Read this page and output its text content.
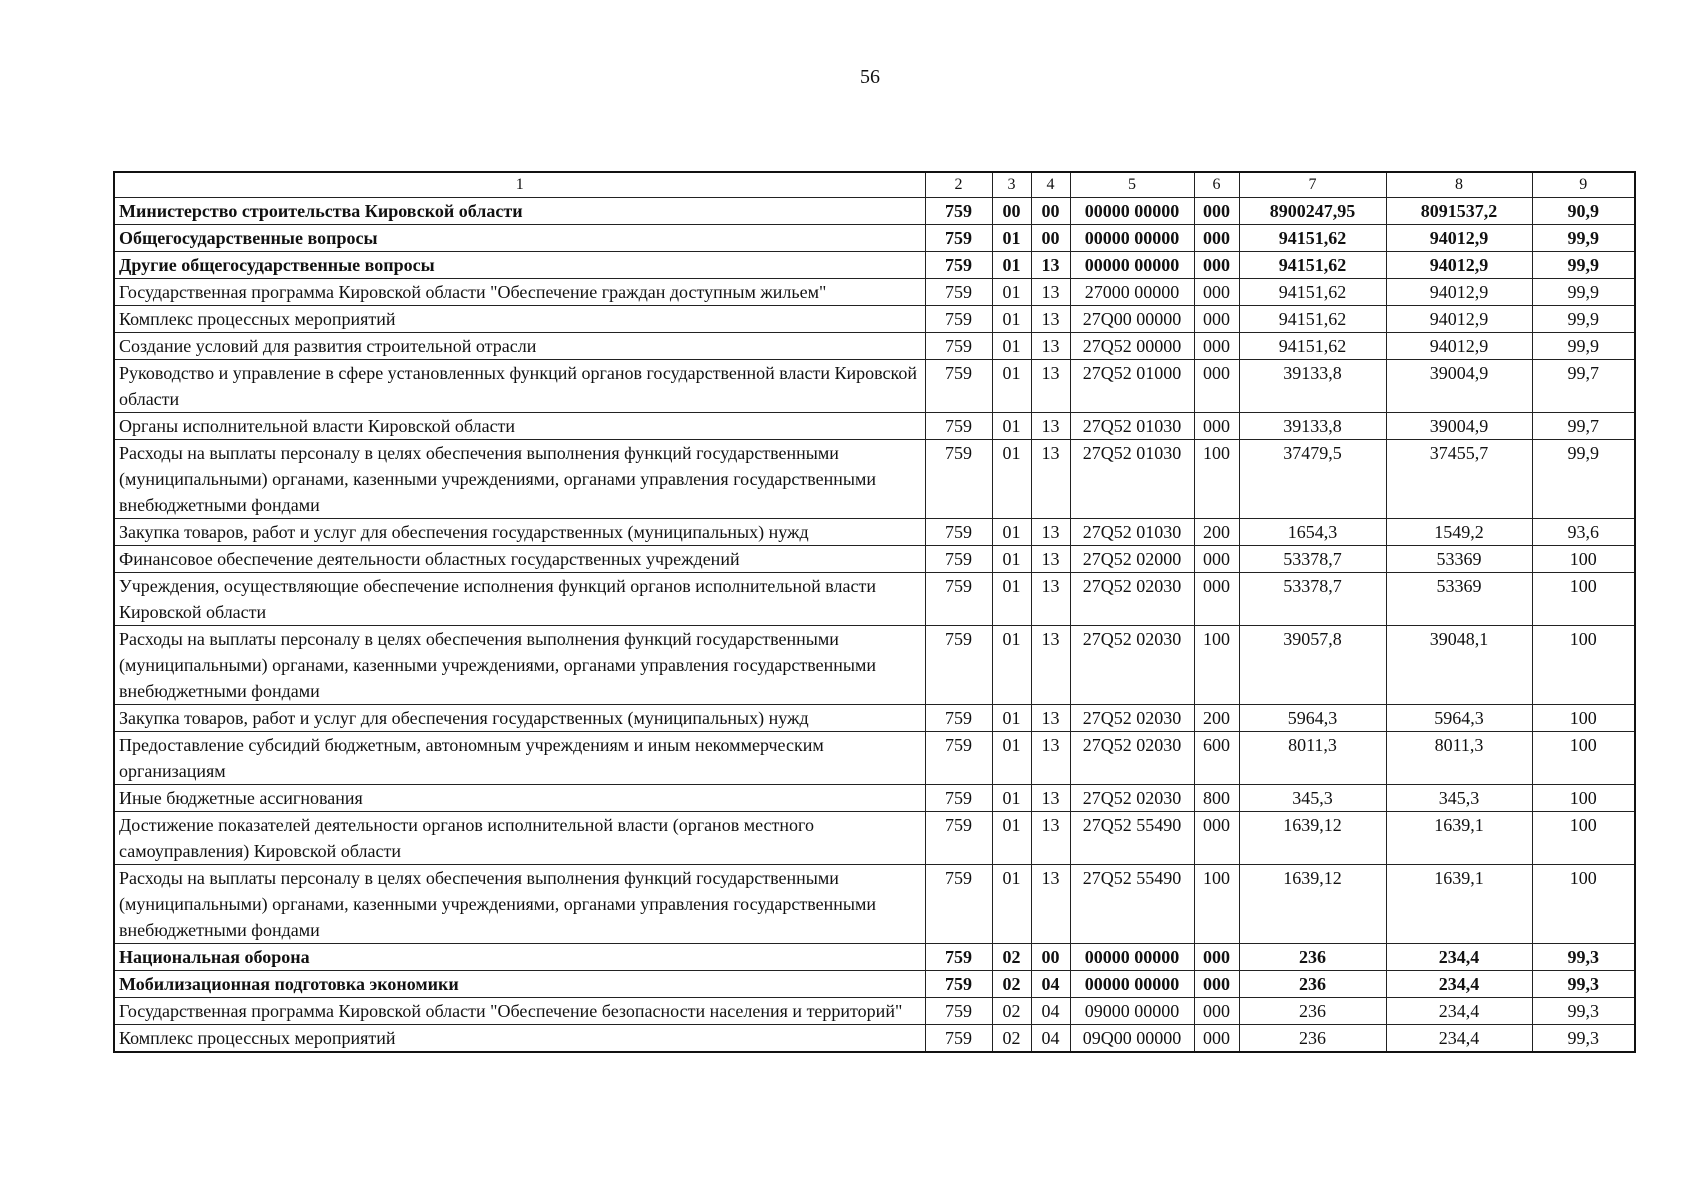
56
1	2	3	4	5	6	7	8	9
Министерство строительства Кировской области	759	00	00	00000 00000	000	8900247,95	8091537,2	90,9
Общегосударственные вопросы	759	01	00	00000 00000	000	94151,62	94012,9	99,9
Другие общегосударственные вопросы	759	01	13	00000 00000	000	94151,62	94012,9	99,9
Государственная программа Кировской области "Обеспечение граждан доступным жильем"	759	01	13	27000 00000	000	94151,62	94012,9	99,9
Комплекс процессных мероприятий	759	01	13	27Q00 00000	000	94151,62	94012,9	99,9
Создание условий для развития строительной отрасли	759	01	13	27Q52 00000	000	94151,62	94012,9	99,9
Руководство и управление в сфере установленных функций органов государственной власти Кировской области	759	01	13	27Q52 01000	000	39133,8	39004,9	99,7
Органы исполнительной власти Кировской области	759	01	13	27Q52 01030	000	39133,8	39004,9	99,7
Расходы на выплаты персоналу в целях обеспечения выполнения функций государственными (муниципальными) органами, казенными учреждениями, органами управления государственными внебюджетными фондами	759	01	13	27Q52 01030	100	37479,5	37455,7	99,9
Закупка товаров, работ и услуг для обеспечения государственных (муниципальных) нужд	759	01	13	27Q52 01030	200	1654,3	1549,2	93,6
Финансовое обеспечение деятельности областных государственных учреждений	759	01	13	27Q52 02000	000	53378,7	53369	100
Учреждения, осуществляющие обеспечение исполнения функций органов исполнительной власти Кировской области	759	01	13	27Q52 02030	000	53378,7	53369	100
Расходы на выплаты персоналу в целях обеспечения выполнения функций государственными (муниципальными) органами, казенными учреждениями, органами управления государственными внебюджетными фондами	759	01	13	27Q52 02030	100	39057,8	39048,1	100
Закупка товаров, работ и услуг для обеспечения государственных (муниципальных) нужд	759	01	13	27Q52 02030	200	5964,3	5964,3	100
Предоставление субсидий бюджетным, автономным учреждениям и иным некоммерческим организациям	759	01	13	27Q52 02030	600	8011,3	8011,3	100
Иные бюджетные ассигнования	759	01	13	27Q52 02030	800	345,3	345,3	100
Достижение показателей деятельности органов исполнительной власти (органов местного самоуправления) Кировской области	759	01	13	27Q52 55490	000	1639,12	1639,1	100
Расходы на выплаты персоналу в целях обеспечения выполнения функций государственными (муниципальными) органами, казенными учреждениями, органами управления государственными внебюджетными фондами	759	01	13	27Q52 55490	100	1639,12	1639,1	100
Национальная оборона	759	02	00	00000 00000	000	236	234,4	99,3
Мобилизационная подготовка экономики	759	02	04	00000 00000	000	236	234,4	99,3
Государственная программа Кировской области "Обеспечение безопасности населения и территорий"	759	02	04	09000 00000	000	236	234,4	99,3
Комплекс процессных мероприятий	759	02	04	09Q00 00000	000	236	234,4	99,3
